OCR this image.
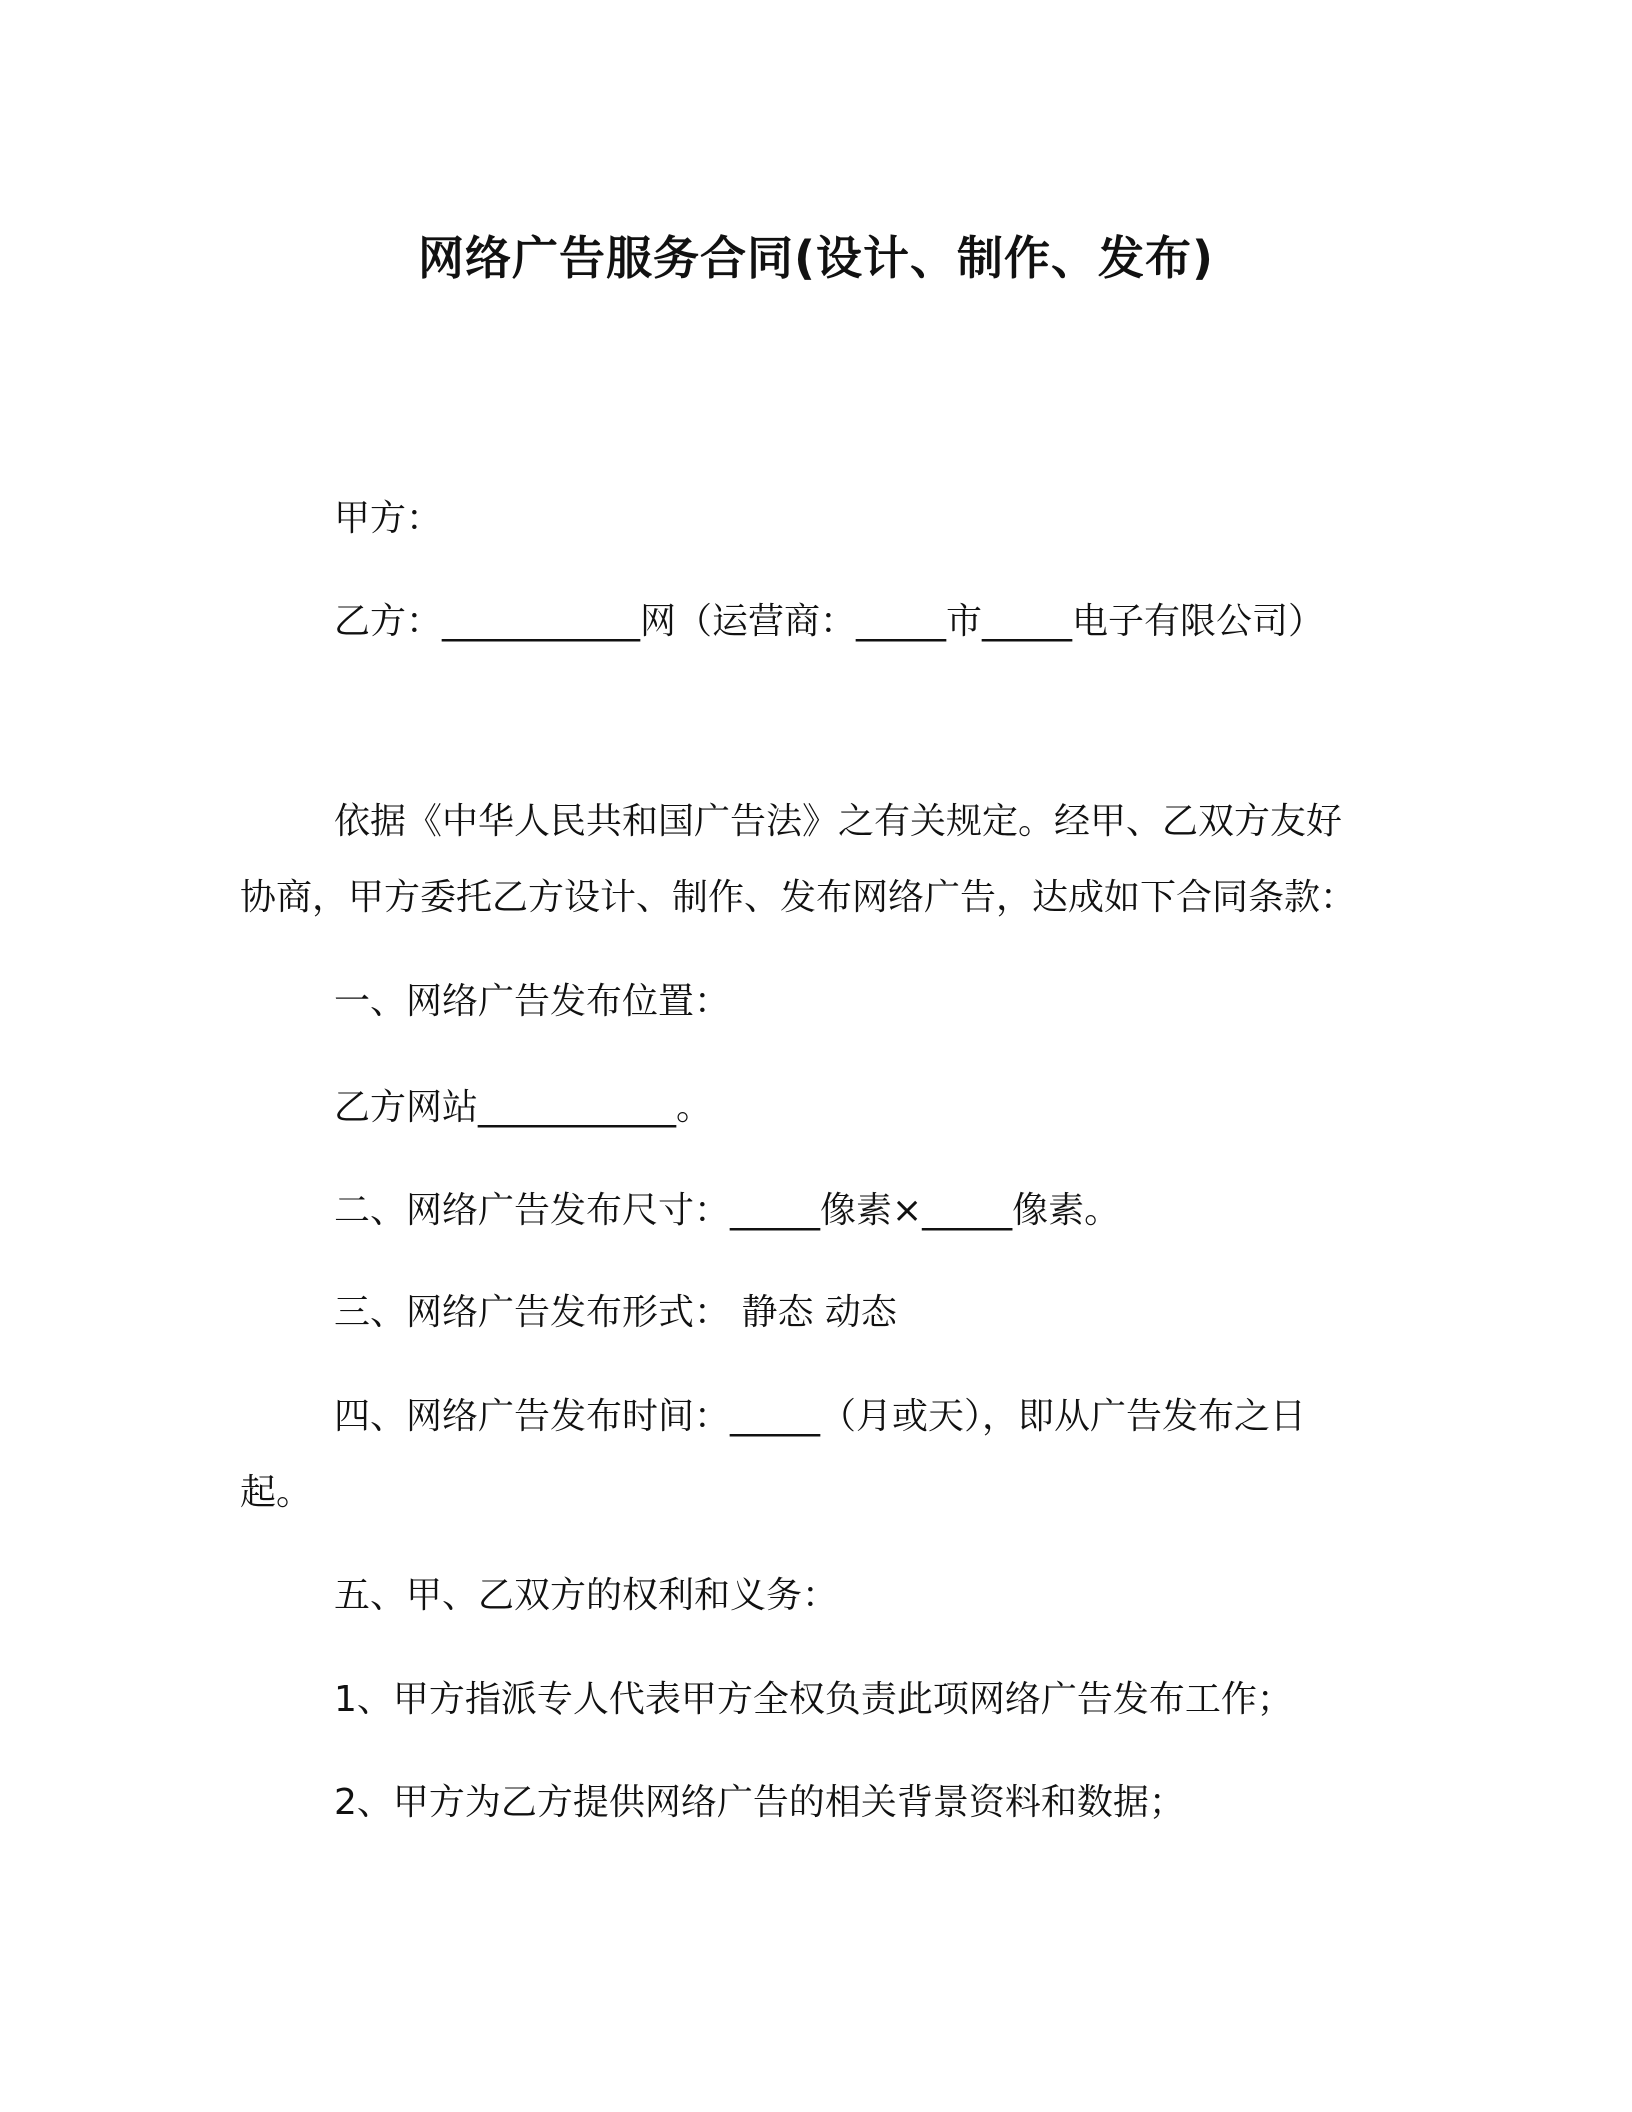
网络广告服务合同(设计、制作、发布)
甲方：
乙方：___________网（运营商：_____市_____电子有限公司）
依据《中华人民共和国广告法》之有关规定。经甲、乙双方友好
协商，甲方委托乙方设计、制作、发布网络广告，达成如下合同条款：
一、网络广告发布位置：
乙方网站___________。
二、网络广告发布尺寸：_____像素×_____像素。
三、网络广告发布形式： 静态 动态
四、网络广告发布时间：_____（月或天），即从广告发布之日
起。
五、甲、乙双方的权利和义务：
1、甲方指派专人代表甲方全权负责此项网络广告发布工作；
2、甲方为乙方提供网络广告的相关背景资料和数据；
